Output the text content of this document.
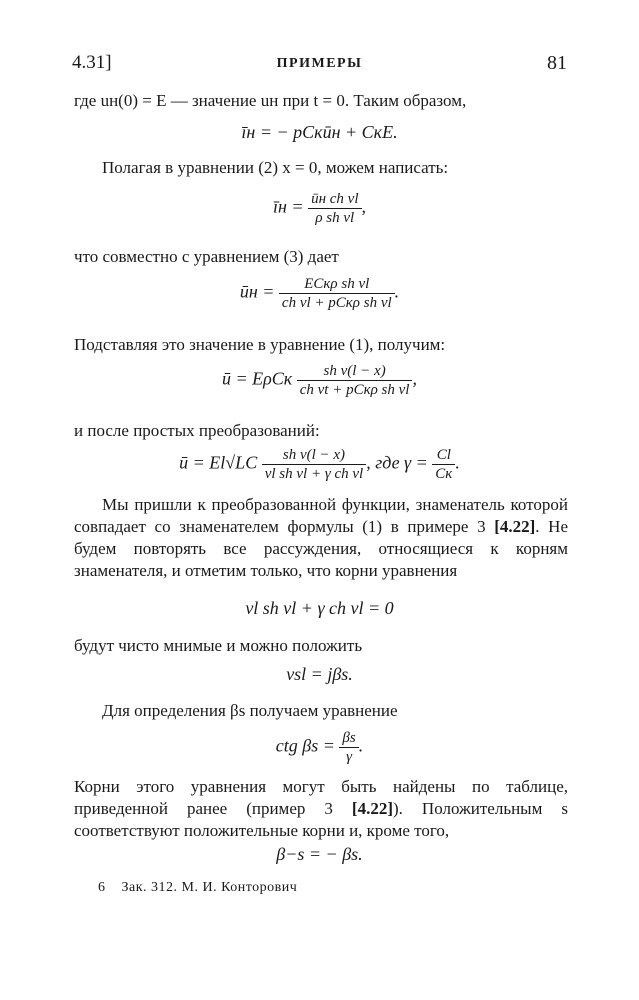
4.31]	ПРИМЕРЫ	81
где uн(0) = E — значение uн при t = 0. Таким образом,
īн = − pCкūн + CкE.
Полагая в уравнении (2) x = 0, можем написать:
īн = $\frac{\text{ūн ch νl}}{\text{ρ sh νl}}$ ,
что совместно с уравнением (3) дает
ūн = $\frac{\text{ECкρ sh νl}}{\text{ch νl + pCкρ sh νl}}$ .
Подставляя это значение в уравнение (1), получим:
ū = EρCк $\frac{\text{sh ν(l − x)}}{\text{ch νt + pCкρ sh νl}}$ ,
и после простых преобразований:
ū = $El√LC \frac{\text{sh ν(l − x)}}{\text{νl sh νl + γ ch νl}}$ , где $\gamma = \frac{Cl}{Cк}$ .
Мы пришли к преобразованной функции, знаменатель которой совпадает со знаменателем формулы (1) в примере 3 [4.22]. Не будем повторять все рассуждения, относящиеся к корням знаменателя, и отметим только, что корни уравнения
νl sh νl + γ ch νl = 0
будут чисто мнимые и можно положить
νsl = jβs.
Для определения βs получаем уравнение
ctg $\beta s = \frac{\beta s}{\gamma}$ .
Корни этого уравнения могут быть найдены по таблице, приведенной ранее (пример 3 [4.22]). Положительным s соответствуют положительные корни и, кроме того,
β−s = − βs.
6 Зак. 312. М. И. Конторович
